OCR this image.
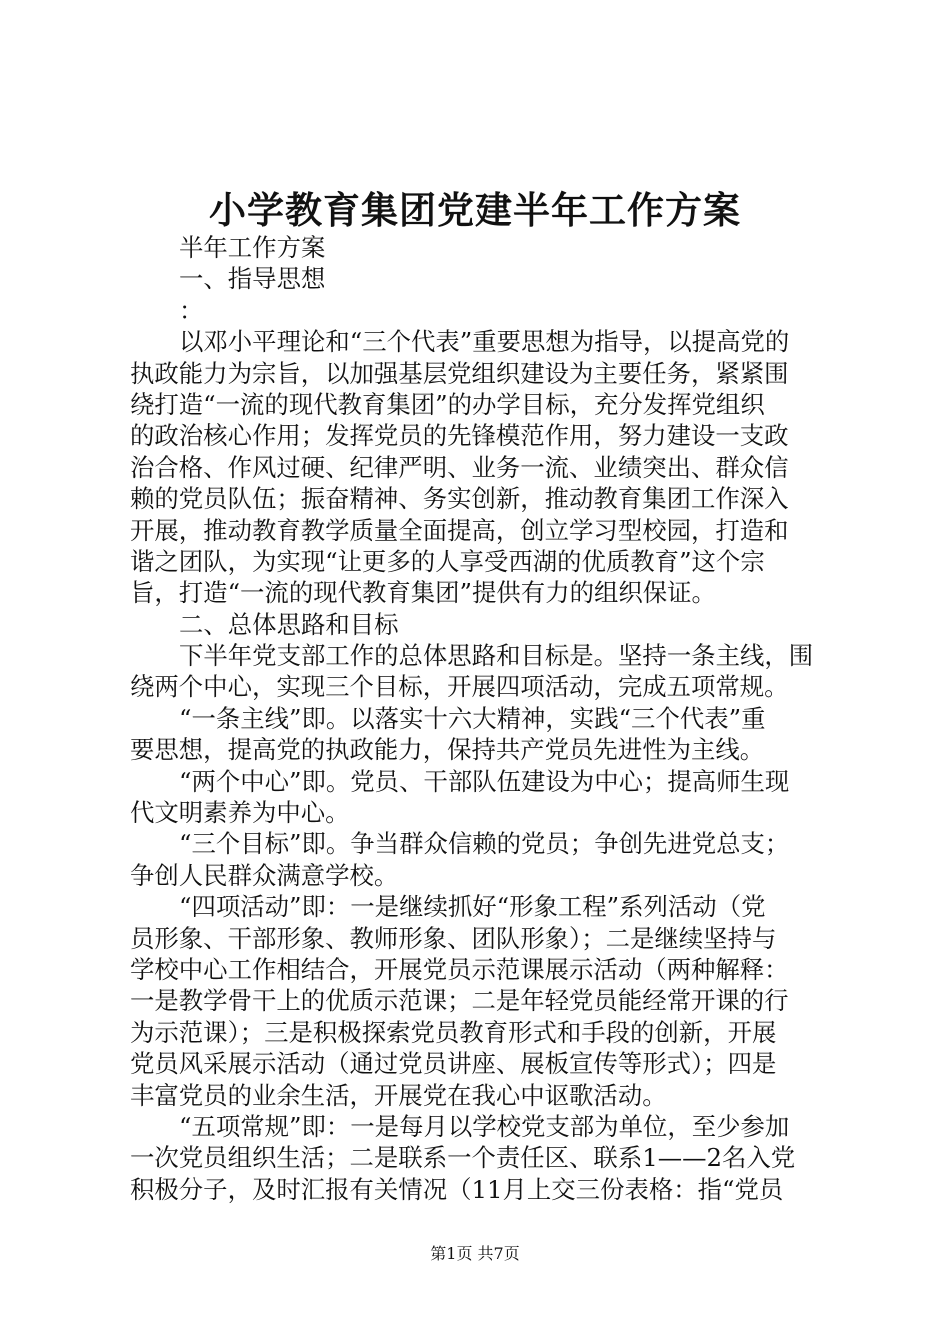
小学教育集团党建半年工作方案
半年工作方案
一、指导思想
：
以邓小平理论和“三个代表”重要思想为指导，以提高党的
执政能力为宗旨，以加强基层党组织建设为主要任务，紧紧围
绕打造“一流的现代教育集团”的办学目标，充分发挥党组织
的政治核心作用；发挥党员的先锋模范作用，努力建设一支政
治合格、作风过硬、纪律严明、业务一流、业绩突出、群众信
赖的党员队伍；振奋精神、务实创新，推动教育集团工作深入
开展，推动教育教学质量全面提高，创立学习型校园，打造和
谐之团队，为实现“让更多的人享受西湖的优质教育”这个宗
旨，打造“一流的现代教育集团”提供有力的组织保证。
二、总体思路和目标
下半年党支部工作的总体思路和目标是。坚持一条主线，围
绕两个中心，实现三个目标，开展四项活动，完成五项常规。
“一条主线”即。以落实十六大精神，实践“三个代表”重
要思想，提高党的执政能力，保持共产党员先进性为主线。
“两个中心”即。党员、干部队伍建设为中心；提高师生现
代文明素养为中心。
“三个目标”即。争当群众信赖的党员；争创先进党总支；
争创人民群众满意学校。
“四项活动”即：一是继续抓好“形象工程”系列活动（党
员形象、干部形象、教师形象、团队形象）；二是继续坚持与
学校中心工作相结合，开展党员示范课展示活动（两种解释：
一是教学骨干上的优质示范课；二是年轻党员能经常开课的行
为示范课）；三是积极探索党员教育形式和手段的创新，开展
党员风采展示活动（通过党员讲座、展板宣传等形式）；四是
丰富党员的业余生活，开展党在我心中讴歌活动。
“五项常规”即：一是每月以学校党支部为单位，至少参加
一次党员组织生活；二是联系一个责任区、联系1——2名入党
积极分子，及时汇报有关情况（11月上交三份表格：指“党员
第1页 共7页
